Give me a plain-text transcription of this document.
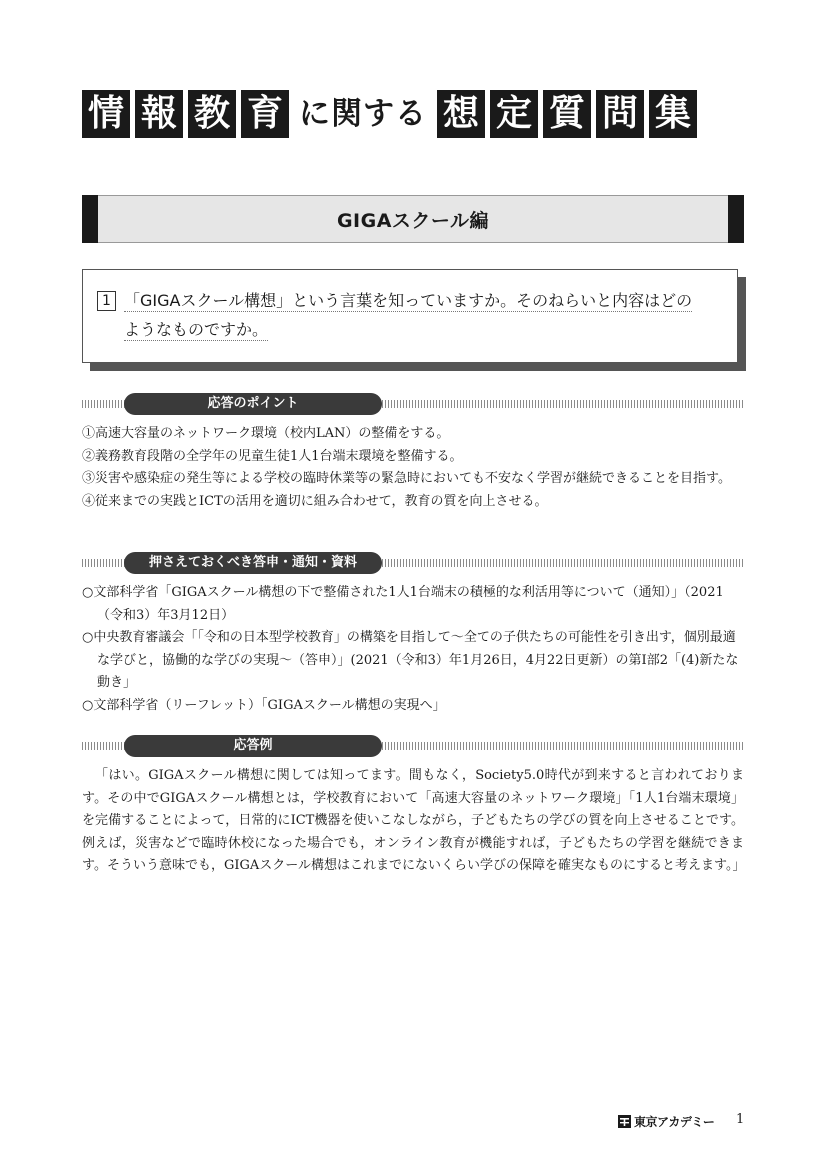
情 報 教 育 に関する 想 定 質 問 集
GIGAスクール編
1 「GIGAスクール構想」という言葉を知っていますか。そのねらいと内容はどの
ようなものですか。
応答のポイント
①高速大容量のネットワーク環境（校内LAN）の整備をする。
②義務教育段階の全学年の児童生徒1人1台端末環境を整備する。
③災害や感染症の発生等による学校の臨時休業等の緊急時においても不安なく学習が継続できることを目指す。
④従来までの実践とICTの活用を適切に組み合わせて，教育の質を向上させる。
押さえておくべき答申・通知・資料
○文部科学省「GIGAスクール構想の下で整備された1人1台端末の積極的な利活用等について（通知）」（2021（令和3）年3月12日）
○中央教育審議会「「令和の日本型学校教育」の構築を目指して～全ての子供たちの可能性を引き出す，個別最適な学びと，協働的な学びの実現～（答申）」(2021（令和3）年1月26日，4月22日更新）の第Ⅰ部2「(4)新たな動き」
○文部科学省（リーフレット）「GIGAスクール構想の実現へ」
応答例
「はい。GIGAスクール構想に関しては知ってます。間もなく，Society5.0時代が到来すると言われております。その中でGIGAスクール構想とは，学校教育において「高速大容量のネットワーク環境」「1人1台端末環境」を完備することによって，日常的にICT機器を使いこなしながら，子どもたちの学びの質を向上させることです。例えば，災害などで臨時休校になった場合でも，オンライン教育が機能すれば，子どもたちの学習を継続できます。そういう意味でも，GIGAスクール構想はこれまでにないくらい学びの保障を確実なものにすると考えます。」
東京アカデミー 1
